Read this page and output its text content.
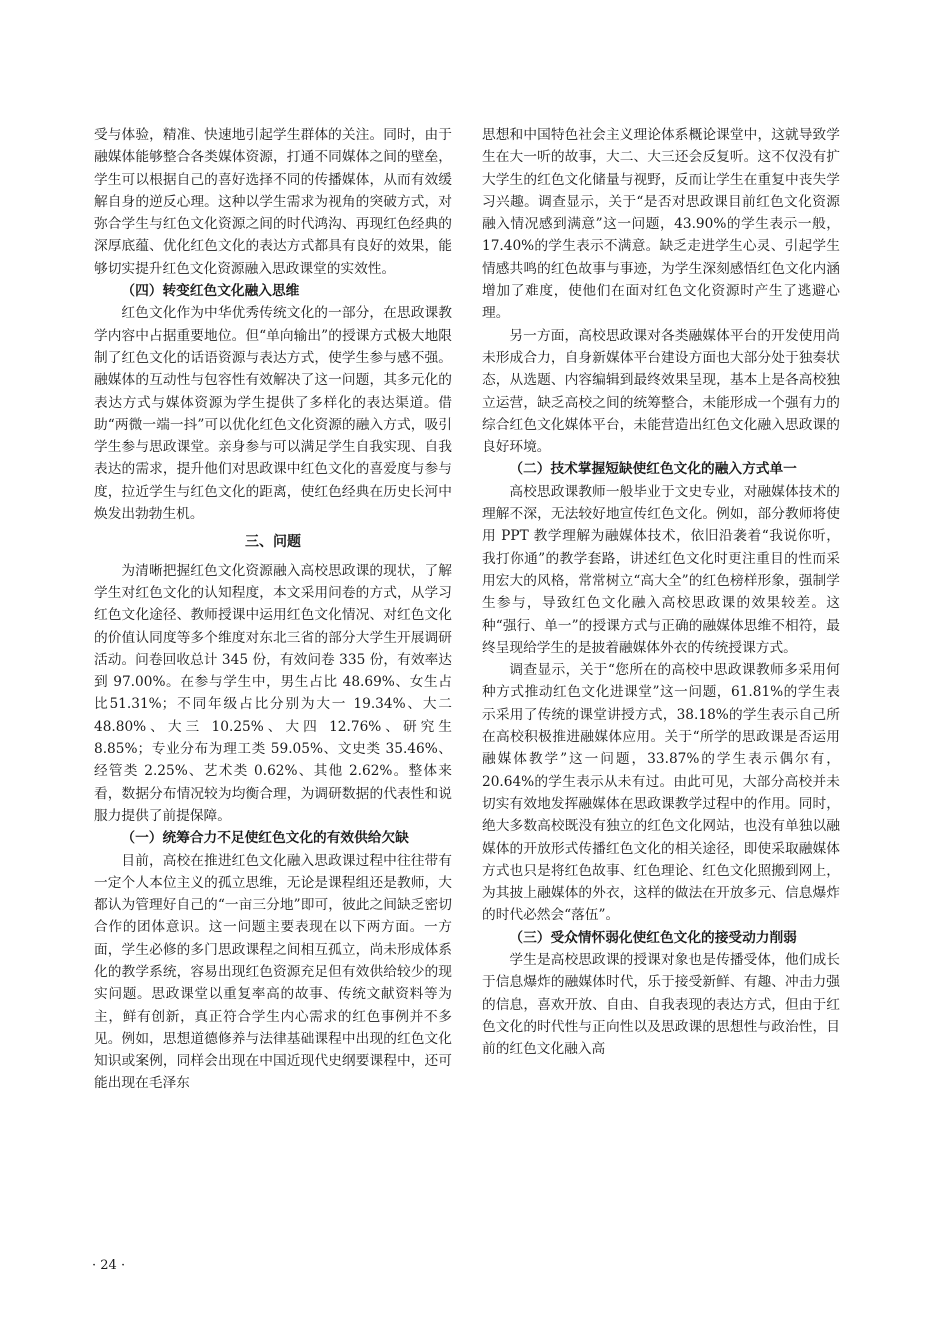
受与体验，精准、快速地引起学生群体的关注。同时，由于融媒体能够整合各类媒体资源，打通不同媒体之间的壁垒，学生可以根据自己的喜好选择不同的传播媒体，从而有效缓解自身的逆反心理。这种以学生需求为视角的突破方式，对弥合学生与红色文化资源之间的时代鸿沟、再现红色经典的深厚底蕴、优化红色文化的表达方式都具有良好的效果，能够切实提升红色文化资源融入思政课堂的实效性。

（四）转变红色文化融入思维

红色文化作为中华优秀传统文化的一部分，在思政课教学内容中占据重要地位。但“单向输出”的授课方式极大地限制了红色文化的话语资源与表达方式，使学生参与感不强。融媒体的互动性与包容性有效解决了这一问题，其多元化的表达方式与媒体资源为学生提供了多样化的表达渠道。借助“两微一端一抖”可以优化红色文化资源的融入方式，吸引学生参与思政课堂。亲身参与可以满足学生自我实现、自我表达的需求，提升他们对思政课中红色文化的喜爱度与参与度，拉近学生与红色文化的距离，使红色经典在历史长河中焕发出勃勃生机。

三、问题

为清晰把握红色文化资源融入高校思政课的现状，了解学生对红色文化的认知程度，本文采用问卷的方式，从学习红色文化途径、教师授课中运用红色文化情况、对红色文化的价值认同度等多个维度对东北三省的部分大学生开展调研活动。问卷回收总计 345 份，有效问卷 335 份，有效率达到 97.00%。在参与学生中，男生占比 48.69%、女生占比51.31%；不同年级占比分别为大一 19.34%、大二 48.80%、大三 10.25%、大四 12.76%、研究生 8.85%；专业分布为理工类 59.05%、文史类 35.46%、经管类 2.25%、艺术类 0.62%、其他 2.62%。整体来看，数据分布情况较为均衡合理，为调研数据的代表性和说服力提供了前提保障。

（一）统筹合力不足使红色文化的有效供给欠缺

目前，高校在推进红色文化融入思政课过程中往往带有一定个人本位主义的孤立思维，无论是课程组还是教师，大都认为管理好自己的“一亩三分地”即可，彼此之间缺乏密切合作的团体意识。这一问题主要表现在以下两方面。一方面，学生必修的多门思政课程之间相互孤立，尚未形成体系化的教学系统，容易出现红色资源充足但有效供给较少的现实问题。思政课堂以重复率高的故事、传统文献资料等为主，鲜有创新，真正符合学生内心需求的红色事例并不多见。例如，思想道德修养与法律基础课程中出现的红色文化知识或案例，同样会出现在中国近现代史纲要课程中，还可能出现在毛泽东

思想和中国特色社会主义理论体系概论课堂中，这就导致学生在大一听的故事，大二、大三还会反复听。这不仅没有扩大学生的红色文化储量与视野，反而让学生在重复中丧失学习兴趣。调查显示，关于“是否对思政课目前红色文化资源融入情况感到满意”这一问题，43.90%的学生表示一般，17.40%的学生表示不满意。缺乏走进学生心灵、引起学生情感共鸣的红色故事与事迹，为学生深刻感悟红色文化内涵增加了难度，使他们在面对红色文化资源时产生了逃避心理。

另一方面，高校思政课对各类融媒体平台的开发使用尚未形成合力，自身新媒体平台建设方面也大部分处于独奏状态，从选题、内容编辑到最终效果呈现，基本上是各高校独立运营，缺乏高校之间的统筹整合，未能形成一个强有力的综合红色文化媒体平台，未能营造出红色文化融入思政课的良好环境。

（二）技术掌握短缺使红色文化的融入方式单一

高校思政课教师一般毕业于文史专业，对融媒体技术的理解不深，无法较好地宣传红色文化。例如，部分教师将使用 PPT 教学理解为融媒体技术，依旧沿袭着“我说你听，我打你通”的教学套路，讲述红色文化时更注重目的性而采用宏大的风格，常常树立“高大全”的红色榜样形象，强制学生参与，导致红色文化融入高校思政课的效果较差。这种“强行、单一”的授课方式与正确的融媒体思维不相符，最终呈现给学生的是披着融媒体外衣的传统授课方式。

调查显示，关于“您所在的高校中思政课教师多采用何种方式推动红色文化进课堂”这一问题，61.81%的学生表示采用了传统的课堂讲授方式，38.18%的学生表示自己所在高校积极推进融媒体应用。关于“所学的思政课是否运用融媒体教学”这一问题，33.87%的学生表示偶尔有，20.64%的学生表示从未有过。由此可见，大部分高校并未切实有效地发挥融媒体在思政课教学过程中的作用。同时，绝大多数高校既没有独立的红色文化网站，也没有单独以融媒体的开放形式传播红色文化的相关途径，即使采取融媒体方式也只是将红色故事、红色理论、红色文化照搬到网上，为其披上融媒体的外衣，这样的做法在开放多元、信息爆炸的时代必然会“落伍”。

（三）受众情怀弱化使红色文化的接受动力削弱

学生是高校思政课的授课对象也是传播受体，他们成长于信息爆炸的融媒体时代，乐于接受新鲜、有趣、冲击力强的信息，喜欢开放、自由、自我表现的表达方式，但由于红色文化的时代性与正向性以及思政课的思想性与政治性，目前的红色文化融入高

· 24 ·
